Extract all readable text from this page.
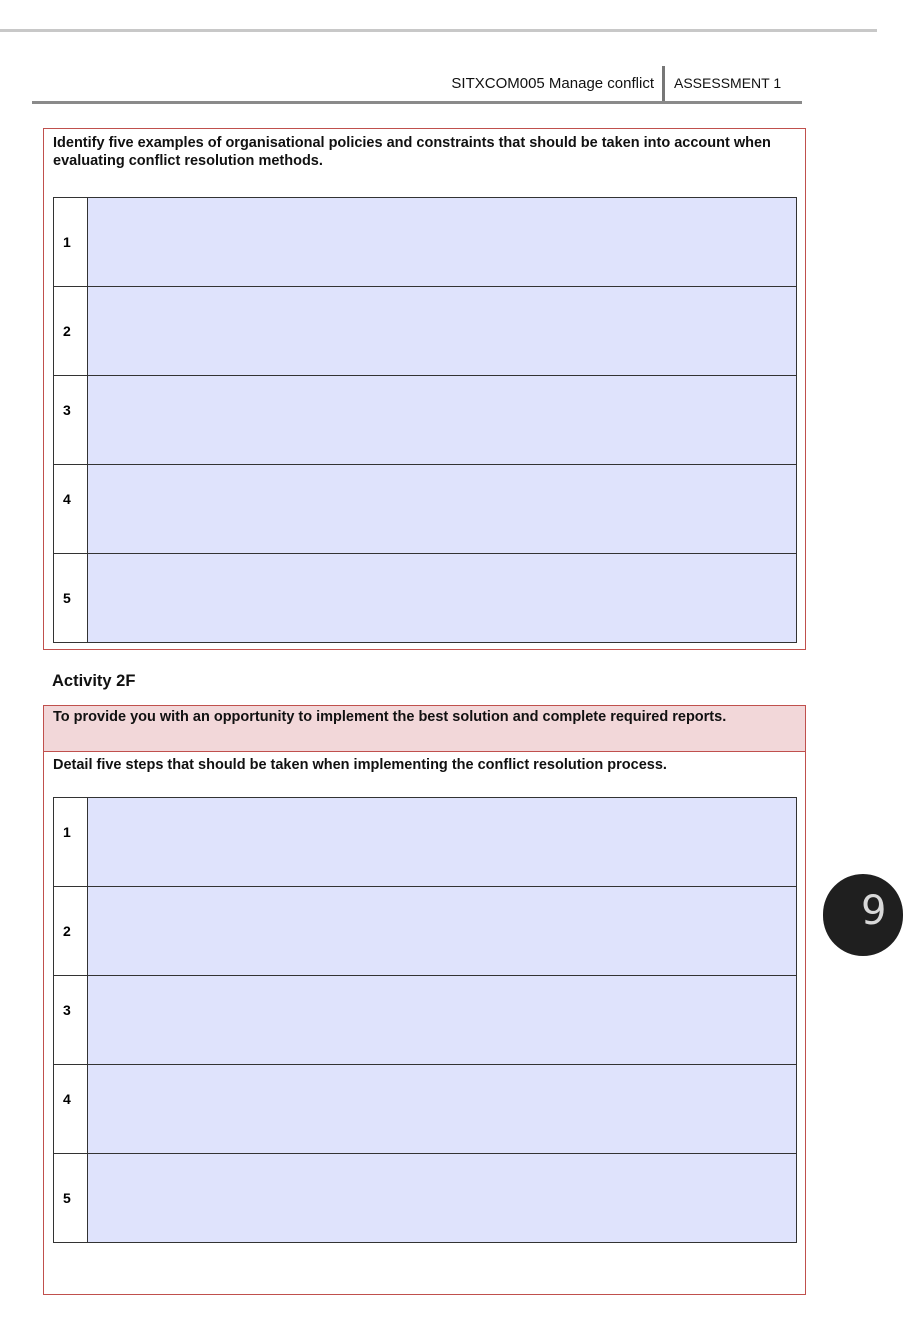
SITXCOM005 Manage conflict ASSESSMENT 1
Identify five examples of organisational policies and constraints that should be taken into account when evaluating conflict resolution methods.
1	
2	
3	
4	
5	
Activity 2F
To provide you with an opportunity to implement the best solution and complete required reports.
Detail five steps that should be taken when implementing the conflict resolution process.
1	
2	
3	
4	
5	
9
